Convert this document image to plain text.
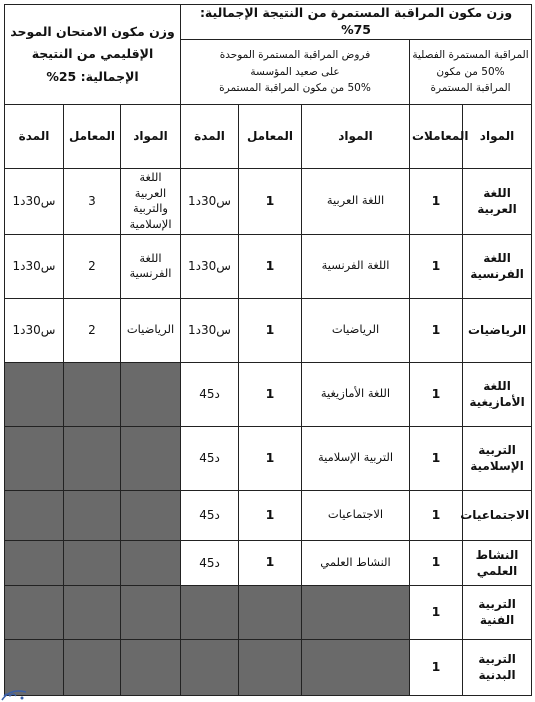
وزن مكون الامتحان الموحد الإقليمي من النتيجة الإجمالية: 25%			وزن مكون المراقبة المستمرة من النتيجة الإجمالية: 75%				

			فروض المراقبة المستمرة الموحدة
على صعيد المؤسسة
50% من مكون المراقبة المستمرة			المراقبة المستمرة الفصلية
50% من مكون
المراقبة المستمرة	

المدة	المعامل	المواد	المدة	المعامل	المواد	المعاملات	المواد
1س30د	3	اللغة العربية والتربية الإسلامية	1س30د	1	اللغة العربية	1	اللغة العربية
1س30د	2	اللغة الفرنسية	1س30د	1	اللغة الفرنسية	1	اللغة الفرنسية
1س30د	2	الرياضيات	1س30د	1	الرياضيات	1	الرياضيات
			45د	1	اللغة الأمازيغية	1	اللغة الأمازيغية
			45د	1	التربية الإسلامية	1	التربية الإسلامية
			45د	1	الاجتماعيات	1	الاجتماعيات
			45د	1	النشاط العلمي	1	النشاط العلمي
						1	التربية الفنية
						1	التربية البدنية
